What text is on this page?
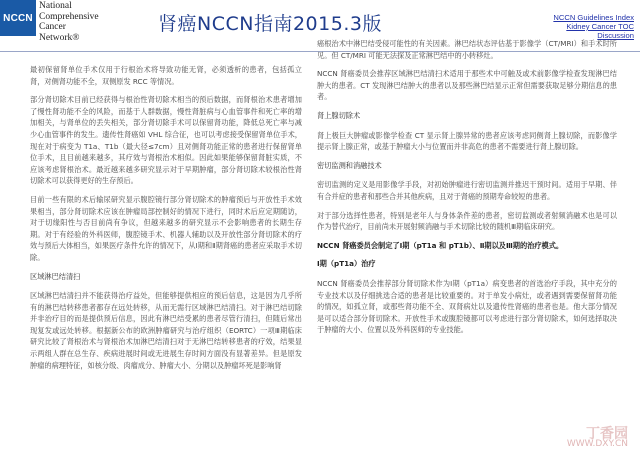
NCCN
National
Comprehensive
Cancer
Network®
肾癌NCCN指南2015.3版	NCCN Guidelines Index
Kidney Cancer TOC
Discussion

最初保留肾单位手术仅用于行根治术将导致功能无肾，必须透析的患者，包括孤立肾，对侧肾功能不全，双侧原发 RCC 等情况。

部分肾切除术目前已经获得与根治性肾切除术相当的预后数据，而肾根治术患者增加了慢性肾功能不全的风险，而基于人群数据，慢性肾脏病与心血管事件和死亡率的增加相关，与肾单位的丢失相关，部分肾切除手术可以保留肾功能，降低总死亡率与减少心血管事件的发生。遗传性肾癌如 VHL 综合征，也可以考虑接受保留肾单位手术，现在对于病变为 T1a、T1b（最大径≤7cm）且对侧肾功能正常的患者进行保留肾单位手术，且目前越来越多，其疗效与肾根治术相似。因此如果能够保留肾脏实质，不应该考虑肾根治术。最近越来越多研究显示对于早期肿瘤，部分肾切除术较根治性肾切除术可以获得更好的生存预后。

目前一些有限的术后输尿研究显示腹腔镜行部分肾切除术的肿瘤预后与开放性手术效果相当，部分肾切除术应该在肿瘤局部控制好的情况下进行，同时术后应定期随访，对于切缘阳性与否目前尚有争议，但越来越多的研究显示不会影响患者的长期生存期。对于有经验的外科医师，腹腔镜手术、机器人辅助以及开放性部分肾切除术的疗效与预后大体相当，如果医疗条件允许的情况下，从Ⅰ期和Ⅱ期肾癌的患者应采取手术切除。

区域淋巴结清扫

区域淋巴结清扫并不能获得治疗益处，但能够提供相应的预后信息，这是因为几乎所有的淋巴结转移患者都存在远处转移，从而无需行区域淋巴结清扫。对于淋巴结切除并非治疗目的而是提供预后信息，因此有淋巴结受累的患者尽管行清扫，但随后常出现复发或远处转移。根据新公布的欧洲肿瘤研究与治疗组织（EORTC）一项Ⅲ期临床研究比较了肾根治术与肾根治术加淋巴结清扫对于无淋巴结转移患者的疗效，结果显示两组人群在总生存、疾病进展时间或无进展生存时间方面没有显著差异。但是原发肿瘤的病理特征，如核分级、肉瘤成分、肿瘤大小、分期以及肿瘤坏死是影响肾

癌根治术中淋巴结受侵可能性的有关因素。淋巴结状态评估基于影像学（CT/MRI）和手术时所见。但 CT/MRI 可能无法探及正常淋巴结中的小转移灶。

NCCN 肾癌委员会推荐区域淋巴结清扫术适用于那些术中可触及或术前影像学检查发现淋巴结肿大的患者。CT 发现淋巴结肿大的患者以及那些淋巴结显示正常但需要获取足够分期信息的患者。

肾上腺切除术

肾上极巨大肿瘤或影像学检查 CT 显示肾上腺异常的患者应该考虑同侧肾上腺切除，而影像学提示肾上腺正常，或基于肿瘤大小与位置而并非高危的患者不需要进行肾上腺切除。

密切监测和消融技术

密切监测的定义是用影像学手段，对初始肿瘤进行密切监测并推迟干预时间。适用于早期、伴有合并症的患者和那些合并其他疾病，且对于肾癌的预期寿命较短的患者。

对于部分选择性患者，特别是老年人与身体条件差的患者，密切监测或者射频消融术也是可以作为替代治疗，目前尚未开展射频消融与手术切除比较的随机Ⅲ期临床研究。

NCCN 肾癌委员会制定了Ⅰ期（pT1a 和 pT1b）、Ⅱ期以及Ⅲ期的治疗模式。

Ⅰ期（pT1a）治疗

NCCN 肾癌委员会推荐部分肾切除术作为Ⅰ期（pT1a）病变患者的首选治疗手段，其中充分的专业技术以及仔细挑选合适的患者是比较重要的。对于单发小病灶，或者遇到需要保留肾功能的情况，如孤立肾，或那些肾功能不全、双肾病灶以及遗传性肾癌的患者也是。他大部分情况是可以适合部分肾切除术。开放性手术或腹腔镜都可以考虑进行部分肾切除术，如何选择取决于肿瘤的大小、位置以及外科医师的专业技能。

丁香园
WWW.DXY.CN
